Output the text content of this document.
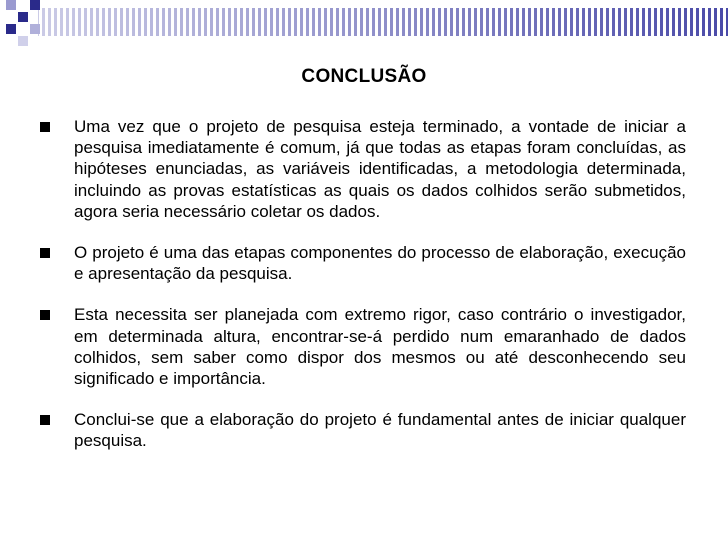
CONCLUSÃO
Uma vez que o projeto de pesquisa esteja terminado, a vontade de iniciar a pesquisa imediatamente é comum, já que todas as etapas foram concluídas, as hipóteses enunciadas, as variáveis identificadas, a metodologia determinada, incluindo as provas estatísticas as quais os dados colhidos serão submetidos, agora seria necessário coletar os dados.
O projeto é uma das etapas componentes do processo de elaboração, execução e apresentação da pesquisa.
Esta necessita ser planejada com extremo rigor, caso contrário o investigador, em determinada altura, encontrar-se-á perdido num emaranhado de dados colhidos, sem saber como dispor dos mesmos ou até desconhecendo seu significado e importância.
Conclui-se que a elaboração do projeto é fundamental antes de iniciar qualquer pesquisa.
